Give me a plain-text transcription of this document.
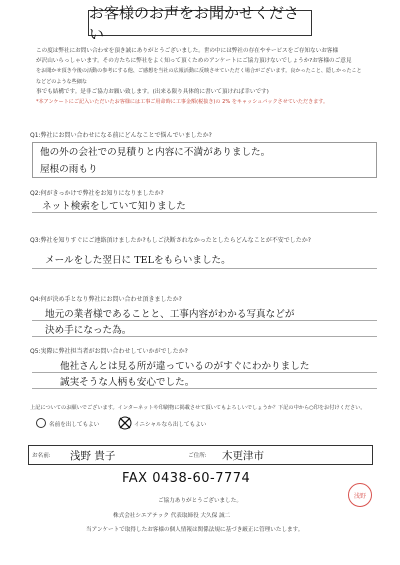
お客様のお声をお聞かせください
この度は弊社にお問い合わせを頂き誠にありがとうございました。世の中には弊社の存在やサービスをご存知ないお客様
が沢山いらっしゃいます。その方たちに弊社をよく知って頂くためのアンケートにご協力頂けないでしょうか?お客様のご意見
をお聞かせ頂き今後の活動の参考にする他、ご感想を当社の広報活動に反映させていただく場合がございます。良かったこと、隠しかったことなどどのような些細な
事でも結構です。是非ご協力お願い致します。(出来る限り具体的に書いて頂ければ幸いです)
*本アンケートにご記入いただいたお客様には工事ご用命時に工事金額(税抜き)の 2% をキャッシュバックさせていただきます。
Q1:弊社にお問い合わせになる前にどんなことで悩んでいましたか?
他の外の会社での見積りと内容に不満がありました。
屋根の雨もり
Q2:何がきっかけで弊社をお知りになりましたか?
ネット検索をしていて知りました
Q3:弊社を知りすぐにご連絡頂けましたか?もしご決断されなかったとしたらどんなことが不安でしたか?
メールをした翌日に TELをもらいました。
Q4:何が決め手となり弊社にお問い合わせ頂きましたか?
地元の業者様であることと、工事内容がわかる写真などが
決め手になった為。
Q5:実際に弊社担当者がお問い合わせしていかがでしたか?
他社さんとは見る所が違っているのがすぐにわかりました
誠実そうな人柄も安心でした。
上記についてのお願いでございます。インターネットや印刷物に掲載させて頂いてもよろしいでしょうか？下記の中から○印をお付けください。
名前を出してもよい	イニシャルなら出してもよい
お名前: 浅野 貴子	ご住所: 木更津市
FAX 0438-60-7774
浅野
ご協力ありがとうございました。
株式会社シエアテック 代表取締役 大久保 誠二
当アンケートで取得したお客様の個人情報は関係法規に基づき厳正に管理いたします。
